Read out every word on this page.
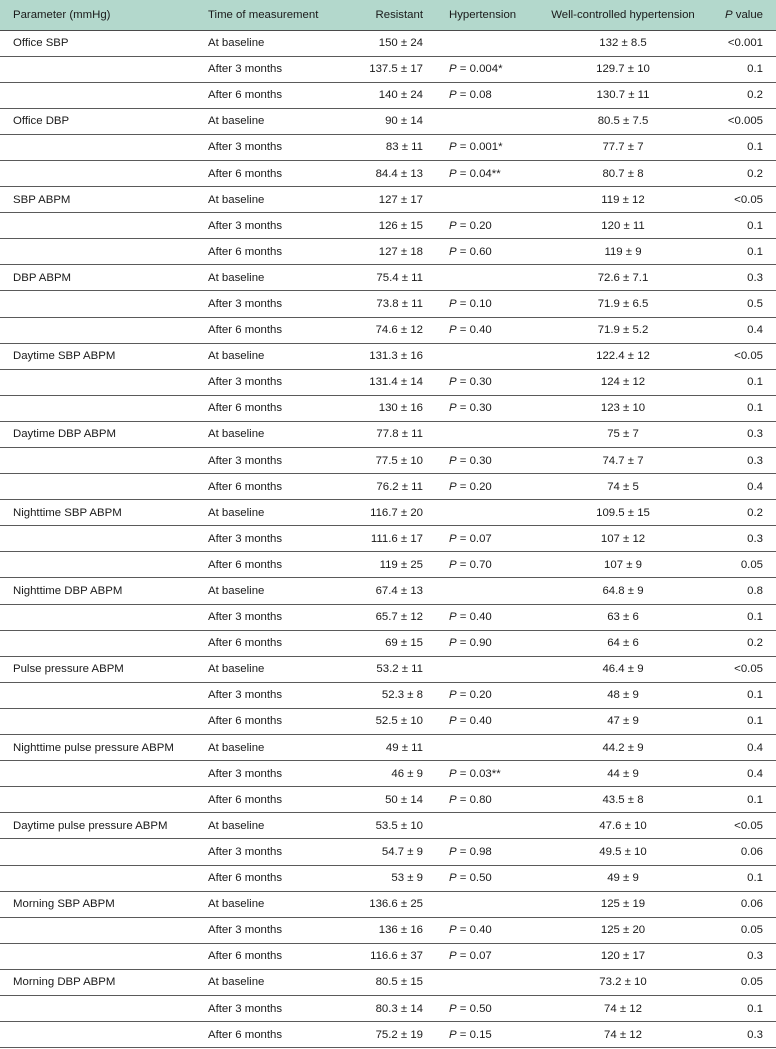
Parameter (mmHg)	Time of measurement	Resistant	Hypertension	Well-controlled hypertension	P value
Office SBP	At baseline	150 ± 24		132 ± 8.5	<0.001
	After 3 months	137.5 ± 17	P = 0.004*	129.7 ± 10	0.1
	After 6 months	140 ± 24	P = 0.08	130.7 ± 11	0.2
Office DBP	At baseline	90 ± 14		80.5 ± 7.5	<0.005
	After 3 months	83 ± 11	P = 0.001*	77.7 ± 7	0.1
	After 6 months	84.4 ± 13	P = 0.04**	80.7 ± 8	0.2
SBP ABPM	At baseline	127 ± 17		119 ± 12	<0.05
	After 3 months	126 ± 15	P = 0.20	120 ± 11	0.1
	After 6 months	127 ± 18	P = 0.60	119 ± 9	0.1
DBP ABPM	At baseline	75.4 ± 11		72.6 ± 7.1	0.3
	After 3 months	73.8 ± 11	P = 0.10	71.9 ± 6.5	0.5
	After 6 months	74.6 ± 12	P = 0.40	71.9 ± 5.2	0.4
Daytime SBP ABPM	At baseline	131.3 ± 16		122.4 ± 12	<0.05
	After 3 months	131.4 ± 14	P = 0.30	124 ± 12	0.1
	After 6 months	130 ± 16	P = 0.30	123 ± 10	0.1
Daytime DBP ABPM	At baseline	77.8 ± 11		75 ± 7	0.3
	After 3 months	77.5 ± 10	P = 0.30	74.7 ± 7	0.3
	After 6 months	76.2 ± 11	P = 0.20	74 ± 5	0.4
Nighttime SBP ABPM	At baseline	116.7 ± 20		109.5 ± 15	0.2
	After 3 months	111.6 ± 17	P = 0.07	107 ± 12	0.3
	After 6 months	119 ± 25	P = 0.70	107 ± 9	0.05
Nighttime DBP ABPM	At baseline	67.4 ± 13		64.8 ± 9	0.8
	After 3 months	65.7 ± 12	P = 0.40	63 ± 6	0.1
	After 6 months	69 ± 15	P = 0.90	64 ± 6	0.2
Pulse pressure ABPM	At baseline	53.2 ± 11		46.4 ± 9	<0.05
	After 3 months	52.3 ± 8	P = 0.20	48 ± 9	0.1
	After 6 months	52.5 ± 10	P = 0.40	47 ± 9	0.1
Nighttime pulse pressure ABPM	At baseline	49 ± 11		44.2 ± 9	0.4
	After 3 months	46 ± 9	P = 0.03**	44 ± 9	0.4
	After 6 months	50 ± 14	P = 0.80	43.5 ± 8	0.1
Daytime pulse pressure ABPM	At baseline	53.5 ± 10		47.6 ± 10	<0.05
	After 3 months	54.7 ± 9	P = 0.98	49.5 ± 10	0.06
	After 6 months	53 ± 9	P = 0.50	49 ± 9	0.1
Morning SBP ABPM	At baseline	136.6 ± 25		125 ± 19	0.06
	After 3 months	136 ± 16	P = 0.40	125 ± 20	0.05
	After 6 months	116.6 ± 37	P = 0.07	120 ± 17	0.3
Morning DBP ABPM	At baseline	80.5 ± 15		73.2 ± 10	0.05
	After 3 months	80.3 ± 14	P = 0.50	74 ± 12	0.1
	After 6 months	75.2 ± 19	P = 0.15	74 ± 12	0.3
